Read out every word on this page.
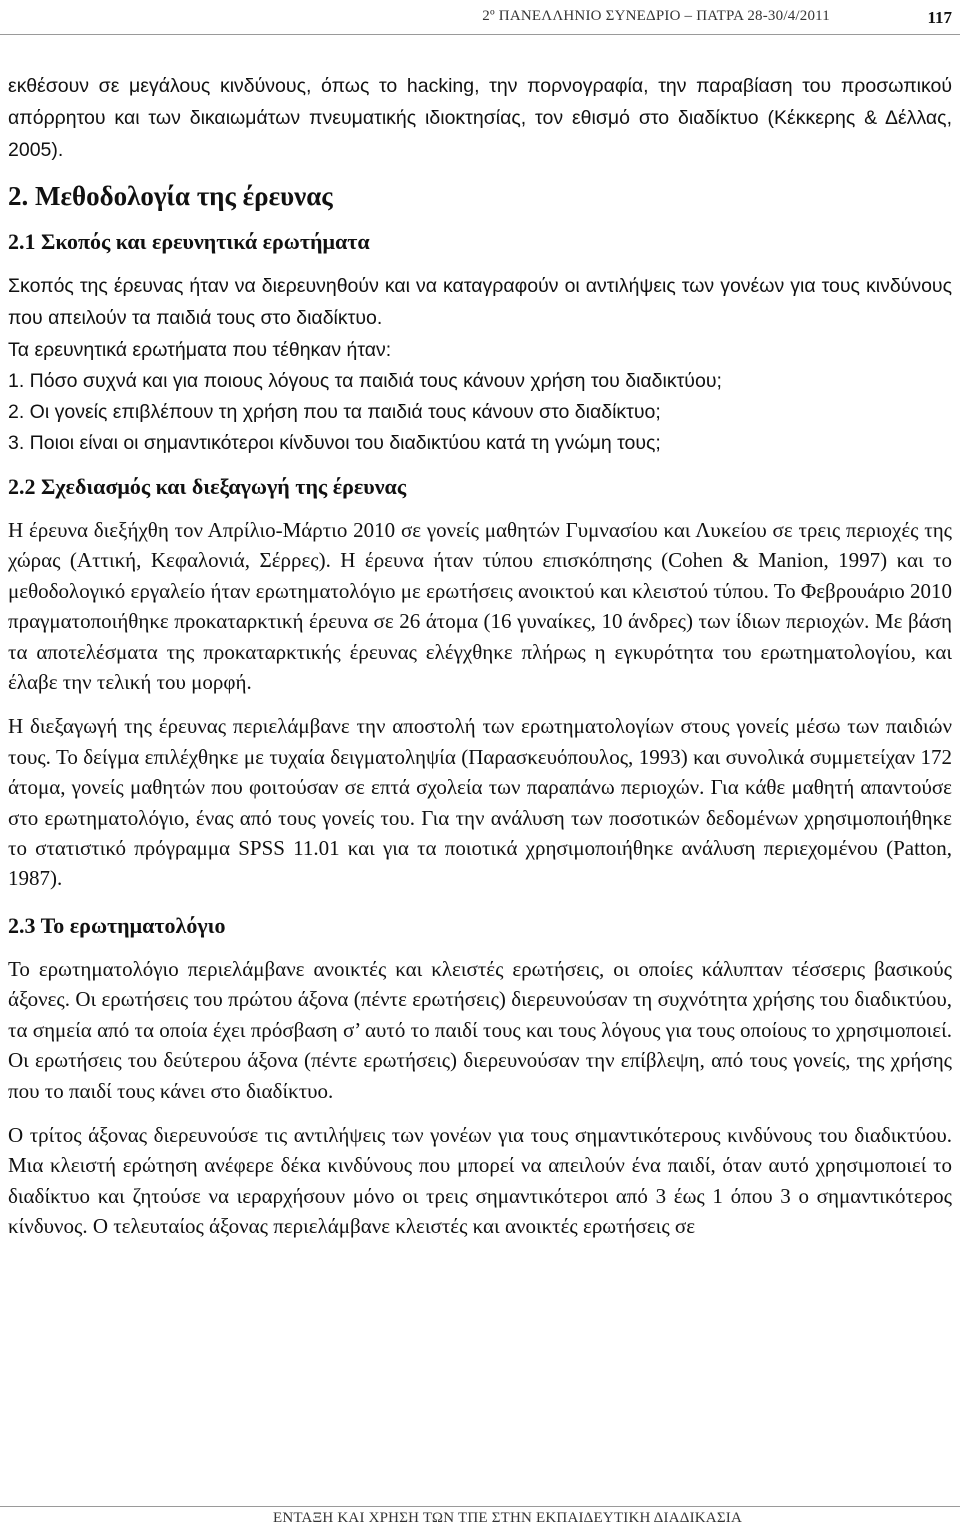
2º ΠΑΝΕΛΛΗΝΙΟ ΣΥΝΕΔΡΙΟ – ΠΑΤΡΑ 28-30/4/2011	117

εκθέσουν σε μεγάλους κινδύνους, όπως το hacking, την πορνογραφία, την παραβίαση του προσωπικού απόρρητου και των δικαιωμάτων πνευματικής ιδιοκτησίας, τον εθισμό στο διαδίκτυο (Κέκκερης & Δέλλας, 2005).

2. Μεθοδολογία της έρευνας
2.1 Σκοπός και ερευνητικά ερωτήματα

Σκοπός της έρευνας ήταν να διερευνηθούν και να καταγραφούν οι αντιλήψεις των γονέων για τους κινδύνους που απειλούν τα παιδιά τους στο διαδίκτυο.

Τα ερευνητικά ερωτήματα που τέθηκαν ήταν:

1. Πόσο συχνά και για ποιους λόγους τα παιδιά τους κάνουν χρήση του διαδικτύου;
2. Οι γονείς επιβλέπουν τη χρήση που τα παιδιά τους κάνουν στο διαδίκτυο;
3. Ποιοι είναι οι σημαντικότεροι κίνδυνοι του διαδικτύου κατά τη γνώμη τους;
2.2 Σχεδιασμός και διεξαγωγή της έρευνας

Η έρευνα διεξήχθη τον Απρίλιο-Μάρτιο 2010 σε γονείς μαθητών Γυμνασίου και Λυκείου σε τρεις περιοχές της χώρας (Αττική, Κεφαλονιά, Σέρρες). Η έρευνα ήταν τύπου επισκόπησης (Cohen & Manion, 1997) και το μεθοδολογικό εργαλείο ήταν ερωτηματολόγιο με ερωτήσεις ανοικτού και κλειστού τύπου. Το Φεβρουάριο 2010 πραγματοποιήθηκε προκαταρκτική έρευνα σε 26 άτομα (16 γυναίκες, 10 άνδρες) των ίδιων περιοχών. Με βάση τα αποτελέσματα της προκαταρκτικής έρευνας ελέγχθηκε πλήρως η εγκυρότητα του ερωτηματολογίου, και έλαβε την τελική του μορφή.

Η διεξαγωγή της έρευνας περιελάμβανε την αποστολή των ερωτηματολογίων στους γονείς μέσω των παιδιών τους. Το δείγμα επιλέχθηκε με τυχαία δειγματοληψία (Παρασκευόπουλος, 1993) και συνολικά συμμετείχαν 172 άτομα, γονείς μαθητών που φοιτούσαν σε επτά σχολεία των παραπάνω περιοχών. Για κάθε μαθητή απαντούσε στο ερωτηματολόγιο, ένας από τους γονείς του. Για την ανάλυση των ποσοτικών δεδομένων χρησιμοποιήθηκε το στατιστικό πρόγραμμα SPSS 11.01 και για τα ποιοτικά χρησιμοποιήθηκε ανάλυση περιεχομένου (Patton, 1987).

2.3 Το ερωτηματολόγιο

Το ερωτηματολόγιο περιελάμβανε ανοικτές και κλειστές ερωτήσεις, οι οποίες κάλυπταν τέσσερις βασικούς άξονες. Οι ερωτήσεις του πρώτου άξονα (πέντε ερωτήσεις) διερευνούσαν τη συχνότητα χρήσης του διαδικτύου, τα σημεία από τα οποία έχει πρόσβαση σ’ αυτό το παιδί τους και τους λόγους για τους οποίους το χρησιμοποιεί. Οι ερωτήσεις του δεύτερου άξονα (πέντε ερωτήσεις) διερευνούσαν την επίβλεψη, από τους γονείς, της χρήσης που το παιδί τους κάνει στο διαδίκτυο.

Ο τρίτος άξονας διερευνούσε τις αντιλήψεις των γονέων για τους σημαντικότερους κινδύνους του διαδικτύου. Μια κλειστή ερώτηση ανέφερε δέκα κινδύνους που μπορεί να απειλούν ένα παιδί, όταν αυτό χρησιμοποιεί το διαδίκτυο και ζητούσε να ιεραρχήσουν μόνο οι τρεις σημαντικότεροι από 3 έως 1 όπου 3 ο σημαντικότερος κίνδυνος. Ο τελευταίος άξονας περιελάμβανε κλειστές και ανοικτές ερωτήσεις σε

ΕΝΤΑΞΗ ΚΑΙ ΧΡΗΣΗ ΤΩΝ ΤΠΕ ΣΤΗΝ ΕΚΠΑΙΔΕΥΤΙΚΗ ΔΙΑΔΙΚΑΣΙΑ
